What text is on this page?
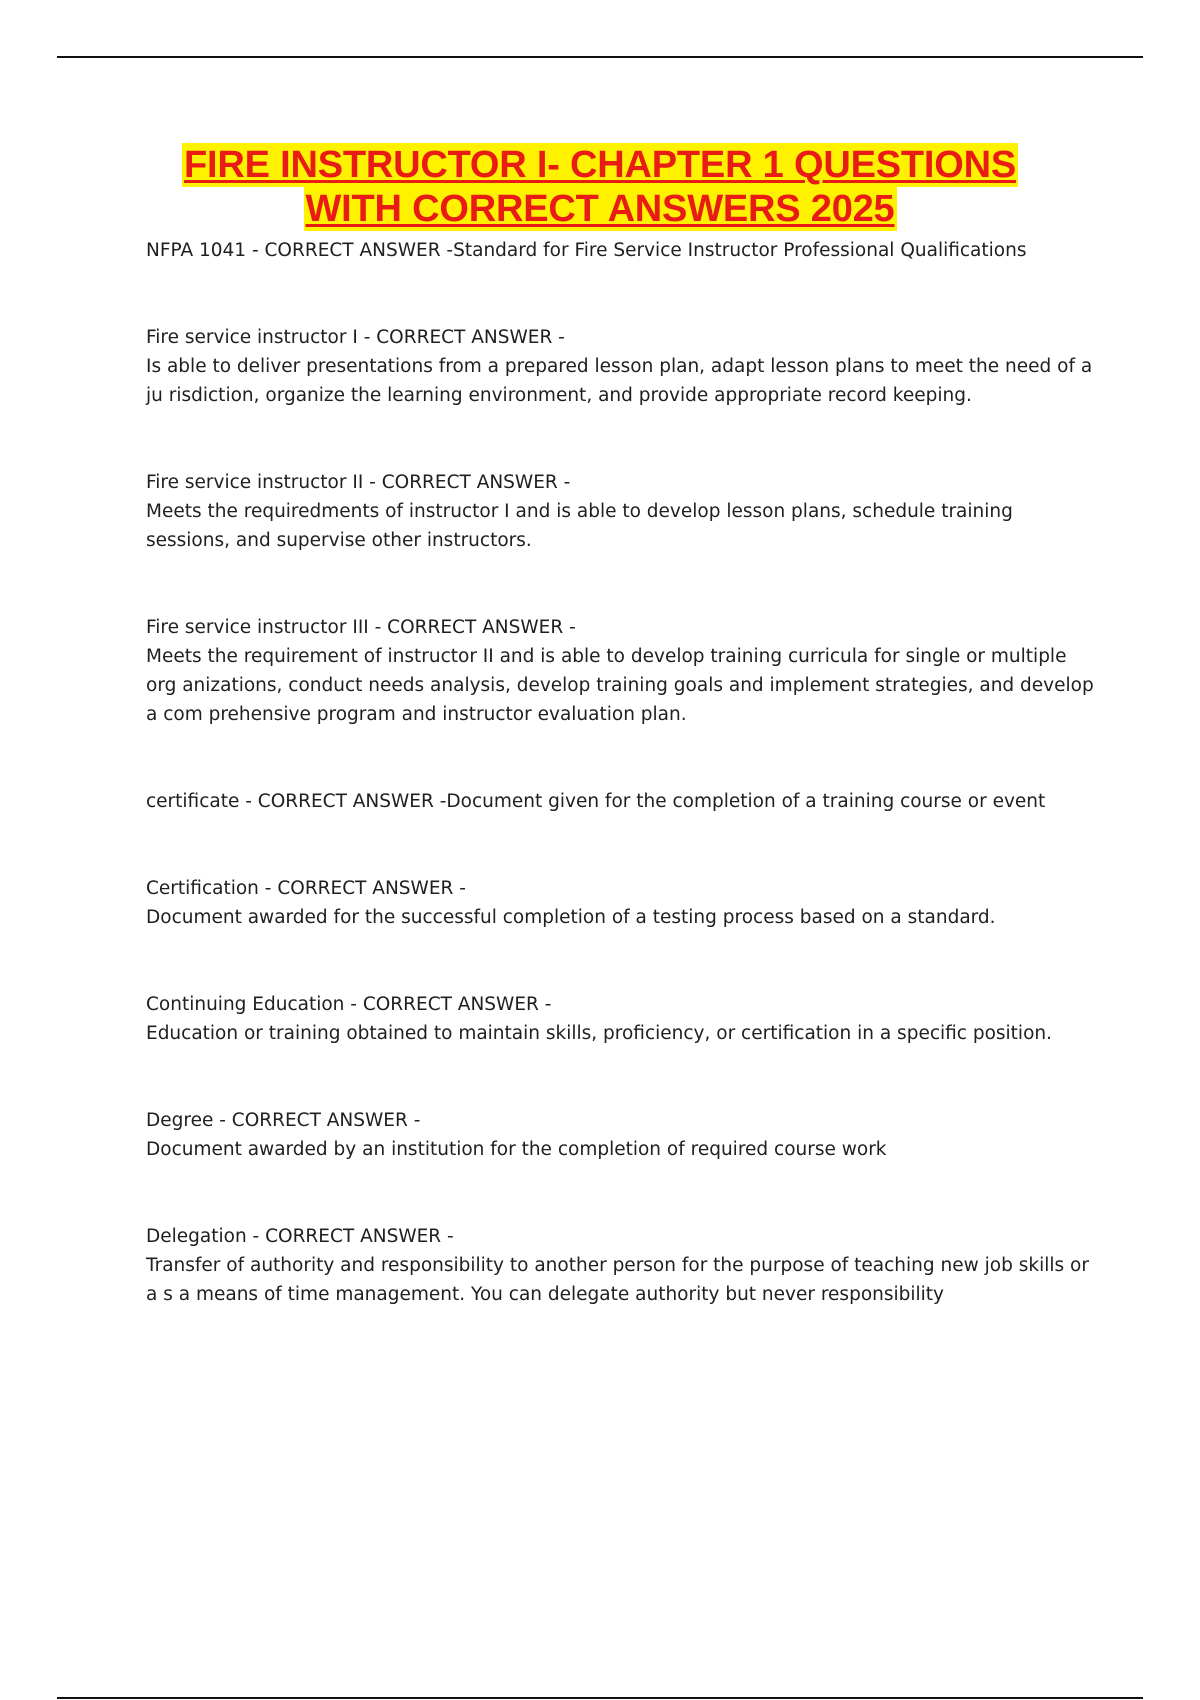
FIRE INSTRUCTOR I- CHAPTER 1 QUESTIONS

WITH CORRECT ANSWERS 2025

NFPA 1041 - CORRECT ANSWER -Standard for Fire Service Instructor Professional Qualifications

Fire service instructor I - CORRECT ANSWER -
Is able to deliver presentations from a prepared lesson plan, adapt lesson plans to meet the need of a ju risdiction, organize the learning environment, and provide appropriate record keeping.

Fire service instructor II - CORRECT ANSWER -
Meets the requiredments of instructor I and is able to develop lesson plans, schedule training sessions, and supervise other instructors.

Fire service instructor III - CORRECT ANSWER -
Meets the requirement of instructor II and is able to develop training curricula for single or multiple org anizations, conduct needs analysis, develop training goals and implement strategies, and develop a com prehensive program and instructor evaluation plan.

certificate - CORRECT ANSWER -Document given for the completion of a training course or event

Certification - CORRECT ANSWER -
Document awarded for the successful completion of a testing process based on a standard.

Continuing Education - CORRECT ANSWER -
Education or training obtained to maintain skills, proficiency, or certification in a specific position.

Degree - CORRECT ANSWER -
Document awarded by an institution for the completion of required course work

Delegation - CORRECT ANSWER -
Transfer of authority and responsibility to another person for the purpose of teaching new job skills or a s a means of time management. You can delegate authority but never responsibility
